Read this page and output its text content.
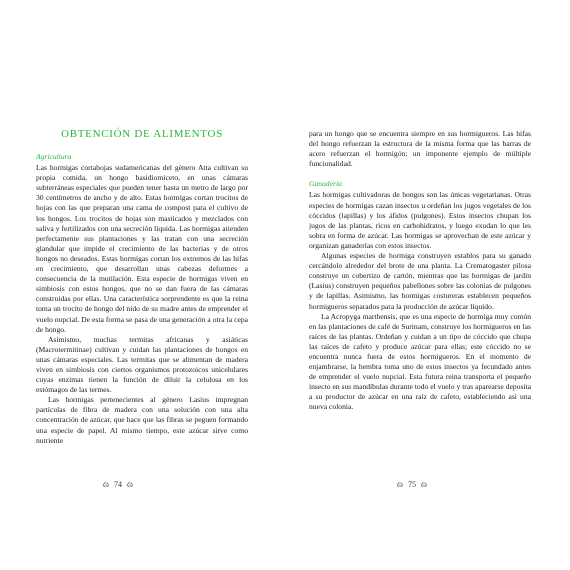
OBTENCIÓN DE ALIMENTOS

Agricultura

Las hormigas cortahojas sudamericanas del género Atta cultivan su propia comida, un hongo basidiomiceto, en unas cámaras subterráneas especiales que pueden tener hasta un metro de largo por 30 centímetros de ancho y de alto. Estas hormigas cortan trocitos de hojas con las que preparan una cama de compost para el cultivo de los hongos. Los trocitos de hojas son masticados y mezclados con saliva y fertilizados con una secreción líquida. Las hormigas atienden perfectamente sus plantaciones y las tratan con una secreción glandular que impide el crecimiento de las bacterias y de otros hongos no deseados. Estas hormigas cortan los extremos de las hifas en crecimiento, que desarrollan unas cabezas deformes a consecuencia de la mutilación. Esta especie de hormigas viven en simbiosis con estos hongos, que no se dan fuera de las cámaras construidas por ellas. Una característica sorprendente es que la reina toma un trocito de hongo del nido de su madre antes de emprender el vuelo nupcial. De esta forma se pasa de una generación a otra la cepa de hongo.

Asimismo, muchas termitas africanas y asiáticas (Macrotermitinae) cultivan y cuidan las plantaciones de hongos en unas cámaras especiales. Las termitas que se alimentan de madera viven en simbiosis con ciertos organismos protozoicos unicelulares cuyas enzimas tienen la función de diluir la celulosa en los estómagos de las termes.

Las hormigas pertenecientes al género Lasius impregnan partículas de fibra de madera con una solución con una alta concentración de azúcar, que hace que las fibras se peguen formando una especie de papel. Al mismo tiempo, este azúcar sirve como nutriente

ɷ 74 ɷ

para un hongo que se encuentra siempre en sus hormigueros. Las hifas del hongo refuerzan la estructura de la misma forma que las barras de acero refuerzan el hormigón; un imponente ejemplo de múltiple funcionalidad.

Ganadería

Las hormigas cultivadoras de hongos son las únicas vegetarianas. Otras especies de hormigas cazan insectos u ordeñan los jugos vegetales de los cóccidos (lapillas) y los áfidos (pulgones). Estos insectos chupan los jugos de las plantas, ricos en carbohidratos, y luego exudan lo que les sobra en forma de azúcar. Las hormigas se aprovechan de este azúcar y organizan ganaderías con estos insectos.

Algunas especies de hormiga construyen establos para su ganado cercándolo alrededor del brote de una planta. La Crematogaster pilosa construye un cobertizo de cartón, mientras que las hormigas de jardín (Lasius) construyen pequeños pabellones sobre las colonias de pulgones y de lapillas. Asimismo, las hormigas costureras establecen pequeños hormigueros separados para la producción de azúcar líquido.

La Acropyga marthensis, que es una especie de hormiga muy común en las plantaciones de café de Surinam, construye los hormigueros en las raíces de las plantas. Ordeñan y cuidan a un tipo de cóccido que chupa las raíces de cafeto y produce azúcar para ellas; este cóccido no se encuentra nunca fuera de estos hormigueros. En el momento de enjambrarse, la hembra toma uno de estos insectos ya fecundado antes de emprender el vuelo nupcial. Esta futura reina transporta el pequeño insecto en sus mandíbulas durante todo el vuelo y tras aparearse deposita a su productor de azúcar en una raíz de cafeto, estableciendo así una nueva colonia.

ɷ 75 ɷ
